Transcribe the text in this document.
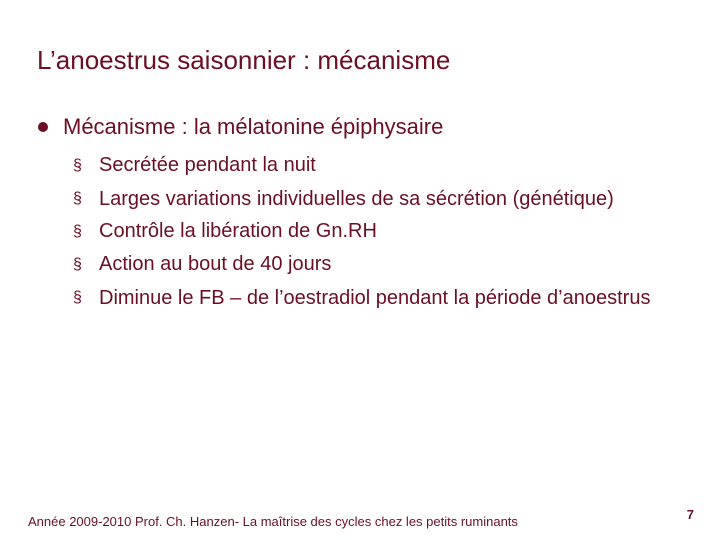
L’anoestrus saisonnier : mécanisme
Mécanisme : la mélatonine épiphysaire
§ Secrétée pendant la nuit
§ Larges variations individuelles de sa sécrétion (génétique)
§ Contrôle la libération de Gn.RH
§ Action au bout de 40 jours
§ Diminue le FB – de l’oestradiol pendant la période d’anoestrus
Année 2009-2010 Prof. Ch. Hanzen- La maîtrise des cycles chez les petits ruminants	7
